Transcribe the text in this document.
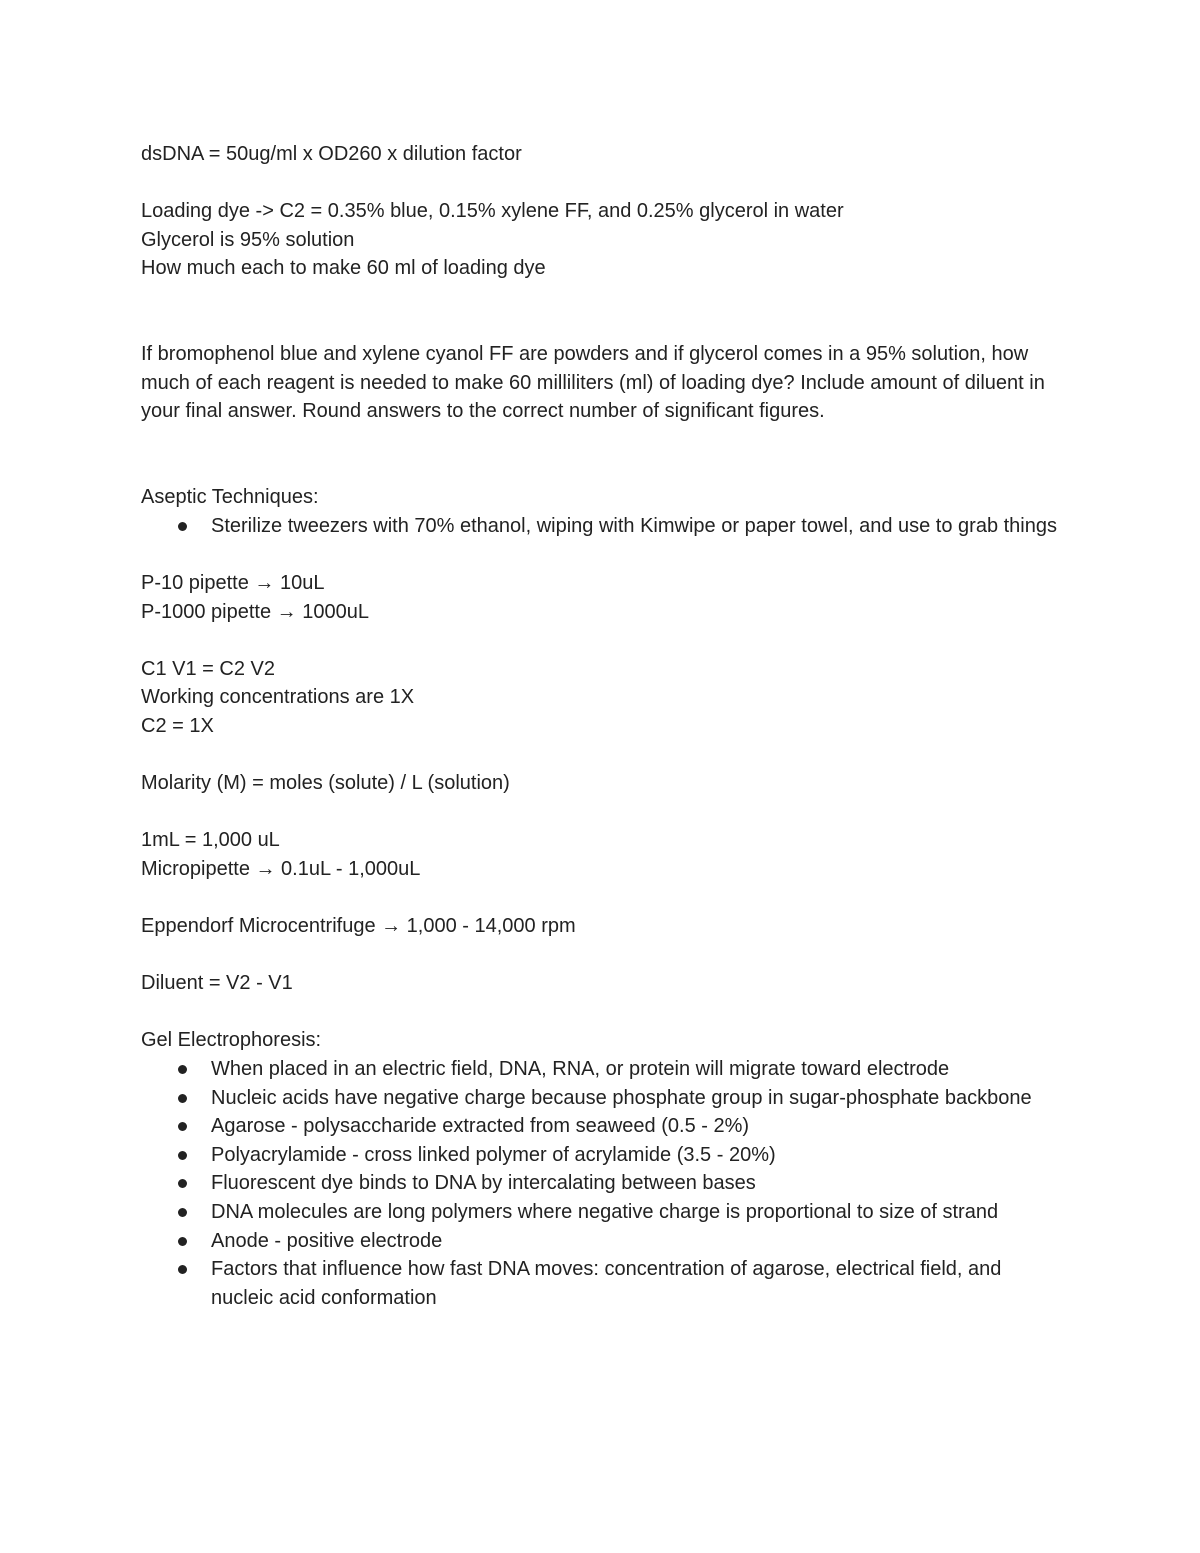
dsDNA = 50ug/ml x OD260 x dilution factor
Loading dye -> C2 = 0.35% blue, 0.15% xylene FF, and 0.25% glycerol in water
Glycerol is 95% solution
How much each to make 60 ml of loading dye
If bromophenol blue and xylene cyanol FF are powders and if glycerol comes in a 95% solution, how much of each reagent is needed to make 60 milliliters (ml) of loading dye? Include amount of diluent in your final answer. Round answers to the correct number of significant figures.
Aseptic Techniques:
Sterilize tweezers with 70% ethanol, wiping with Kimwipe or paper towel, and use to grab things
P-10 pipette → 10uL
P-1000 pipette → 1000uL
C1 V1 = C2 V2
Working concentrations are 1X
C2 = 1X
Molarity (M) = moles (solute) / L (solution)
1mL = 1,000 uL
Micropipette → 0.1uL - 1,000uL
Eppendorf Microcentrifuge → 1,000 - 14,000 rpm
Diluent = V2 - V1
Gel Electrophoresis:
When placed in an electric field, DNA, RNA, or protein will migrate toward electrode
Nucleic acids have negative charge because phosphate group in sugar-phosphate backbone
Agarose - polysaccharide extracted from seaweed (0.5 - 2%)
Polyacrylamide - cross linked polymer of acrylamide (3.5 - 20%)
Fluorescent dye binds to DNA by intercalating between bases
DNA molecules are long polymers where negative charge is proportional to size of strand
Anode - positive electrode
Factors that influence how fast DNA moves: concentration of agarose, electrical field, and nucleic acid conformation
